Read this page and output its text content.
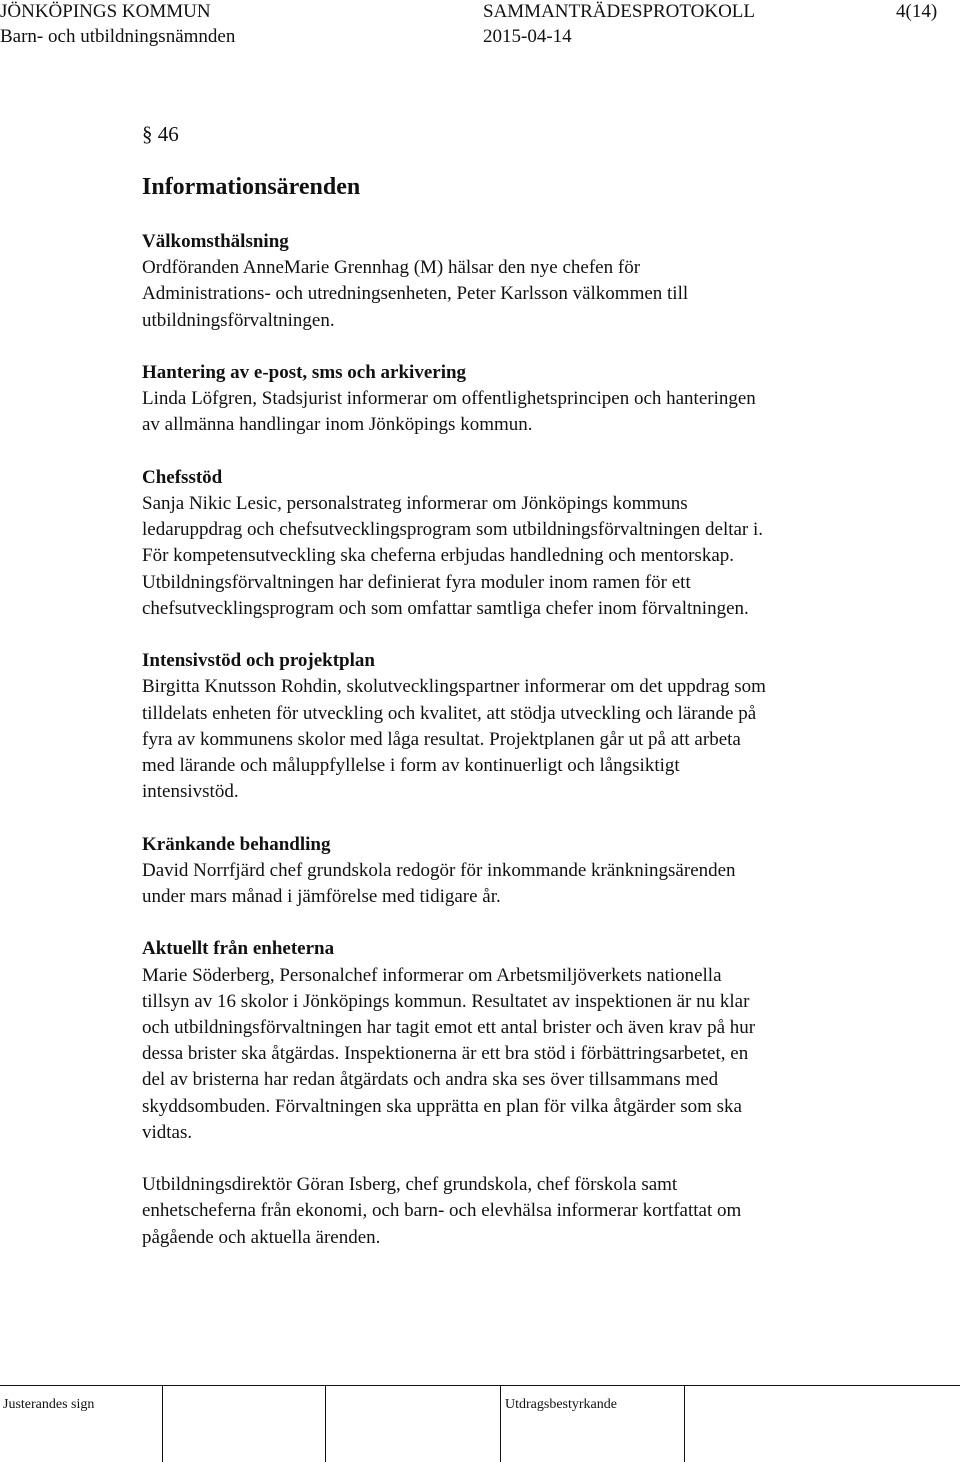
JÖNKÖPINGS KOMMUN
Barn- och utbildningsnämnden
SAMMANTRÄDESPROTOKOLL
2015-04-14
4(14)
§ 46
Informationsärenden
Välkomsthälsning

Ordföranden AnneMarie Grennhag (M) hälsar den nye chefen för
Administrations- och utredningsenheten, Peter Karlsson välkommen till
utbildningsförvaltningen.

Hantering av e-post, sms och arkivering

Linda Löfgren, Stadsjurist informerar om offentlighetsprincipen och hanteringen
av allmänna handlingar inom Jönköpings kommun.

Chefsstöd

Sanja Nikic Lesic, personalstrateg informerar om Jönköpings kommuns
ledaruppdrag och chefsutvecklingsprogram som utbildningsförvaltningen deltar i.
För kompetensutveckling ska cheferna erbjudas handledning och mentorskap.
Utbildningsförvaltningen har definierat fyra moduler inom ramen för ett
chefsutvecklingsprogram och som omfattar samtliga chefer inom förvaltningen.

Intensivstöd och projektplan

Birgitta Knutsson Rohdin, skolutvecklingspartner informerar om det uppdrag som
tilldelats enheten för utveckling och kvalitet, att stödja utveckling och lärande på
fyra av kommunens skolor med låga resultat. Projektplanen går ut på att arbeta
med lärande och måluppfyllelse i form av kontinuerligt och långsiktigt
intensivstöd.

Kränkande behandling

David Norrfjärd chef grundskola redogör för inkommande kränkningsärenden
under mars månad i jämförelse med tidigare år.

Aktuellt från enheterna

Marie Söderberg, Personalchef informerar om Arbetsmiljöverkets nationella
tillsyn av 16 skolor i Jönköpings kommun. Resultatet av inspektionen är nu klar
och utbildningsförvaltningen har tagit emot ett antal brister och även krav på hur
dessa brister ska åtgärdas. Inspektionerna är ett bra stöd i förbättringsarbetet, en
del av bristerna har redan åtgärdats och andra ska ses över tillsammans med
skyddsombuden. Förvaltningen ska upprätta en plan för vilka åtgärder som ska
vidtas.

Utbildningsdirektör Göran Isberg, chef grundskola, chef förskola samt
enhetscheferna från ekonomi, och barn- och elevhälsa informerar kortfattat om
pågående och aktuella ärenden.

Justerandes sign	Utdragsbestyrkande
